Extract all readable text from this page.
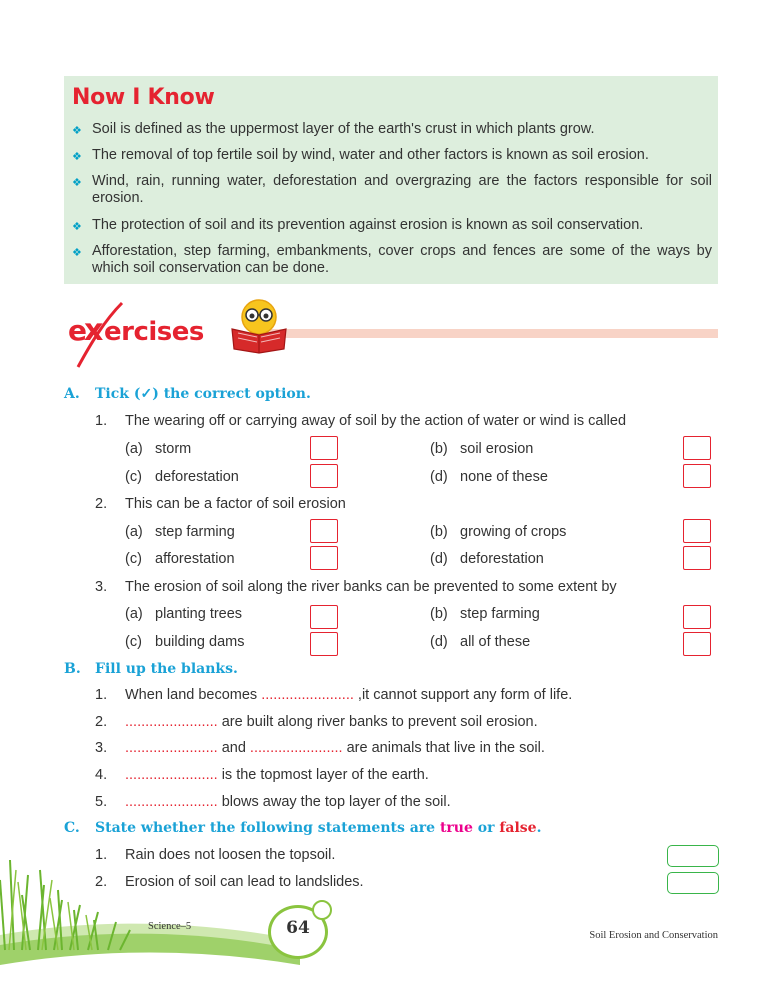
Now I Know
❖ Soil is defined as the uppermost layer of the earth's crust in which plants grow.
❖ The removal of top fertile soil by wind, water and other factors is known as soil erosion.
❖ Wind, rain, running water, deforestation and overgrazing are the factors responsible for soil erosion.
❖ The protection of soil and its prevention against erosion is known as soil conservation.
❖ Afforestation, step farming, embankments, cover crops and fences are some of the ways by which soil conservation can be done.
e
x ercises
A. Tick (✓) the correct option.
1. The wearing off or carrying away of soil by the action of water or wind is called
(a) storm	(b) soil erosion
(c) deforestation	(d) none of these
2. This can be a factor of soil erosion
(a) step farming	(b) growing of crops
(c) afforestation	(d) deforestation
3. The erosion of soil along the river banks can be prevented to some extent by
(a) planting trees	(b) step farming
(c) building dams	(d) all of these
B. Fill up the blanks.
1. When land becomes ....................... ,it cannot support any form of life.
2. ....................... are built along river banks to prevent soil erosion.
3. ....................... and ....................... are animals that live in the soil.
4. ....................... is the topmost layer of the earth.
5. ....................... blows away the top layer of the soil.
C. State whether the following statements are true or false.
1. Rain does not loosen the topsoil.
2. Erosion of soil can lead to landslides.
64
Science–5
Soil Erosion and Conservation
